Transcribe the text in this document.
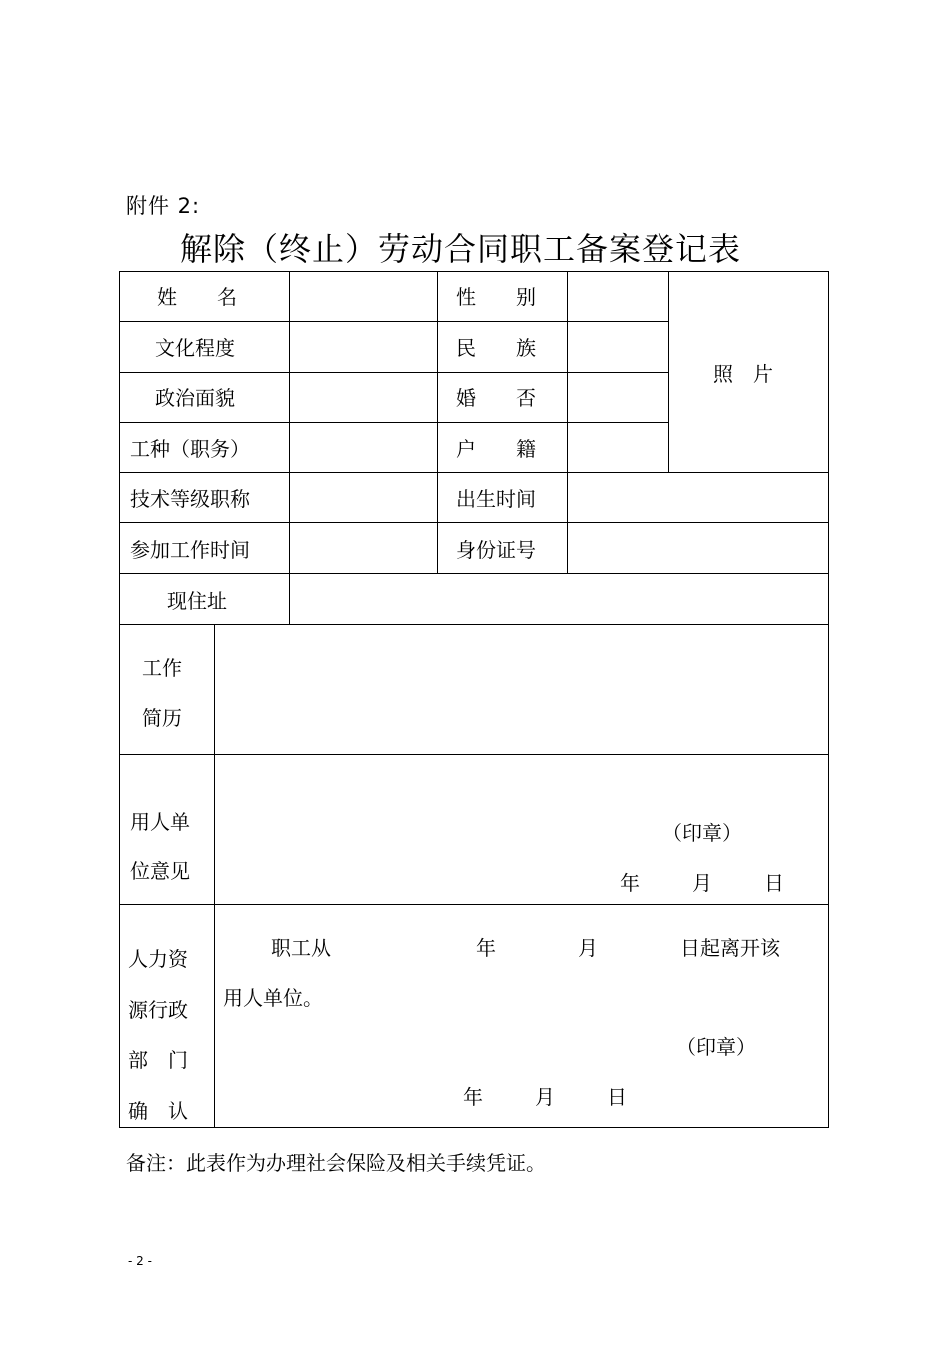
附件 2:
解除（终止）劳动合同职工备案登记表
姓　　名	性　　别
照　片
文化程度	民　　族
政治面貌	婚　　否
工种（职务）	户　　籍
技术等级职称	出生时间
参加工作时间	身份证号
现住址
工作
简历
用人单
位意见
（印章）
年	月	日
人力资
源行政
部　门
确　认
职工从	年	月	日起离开该
用人单位。
（印章）
年	月	日
备注：此表作为办理社会保险及相关手续凭证。
- 2 -
